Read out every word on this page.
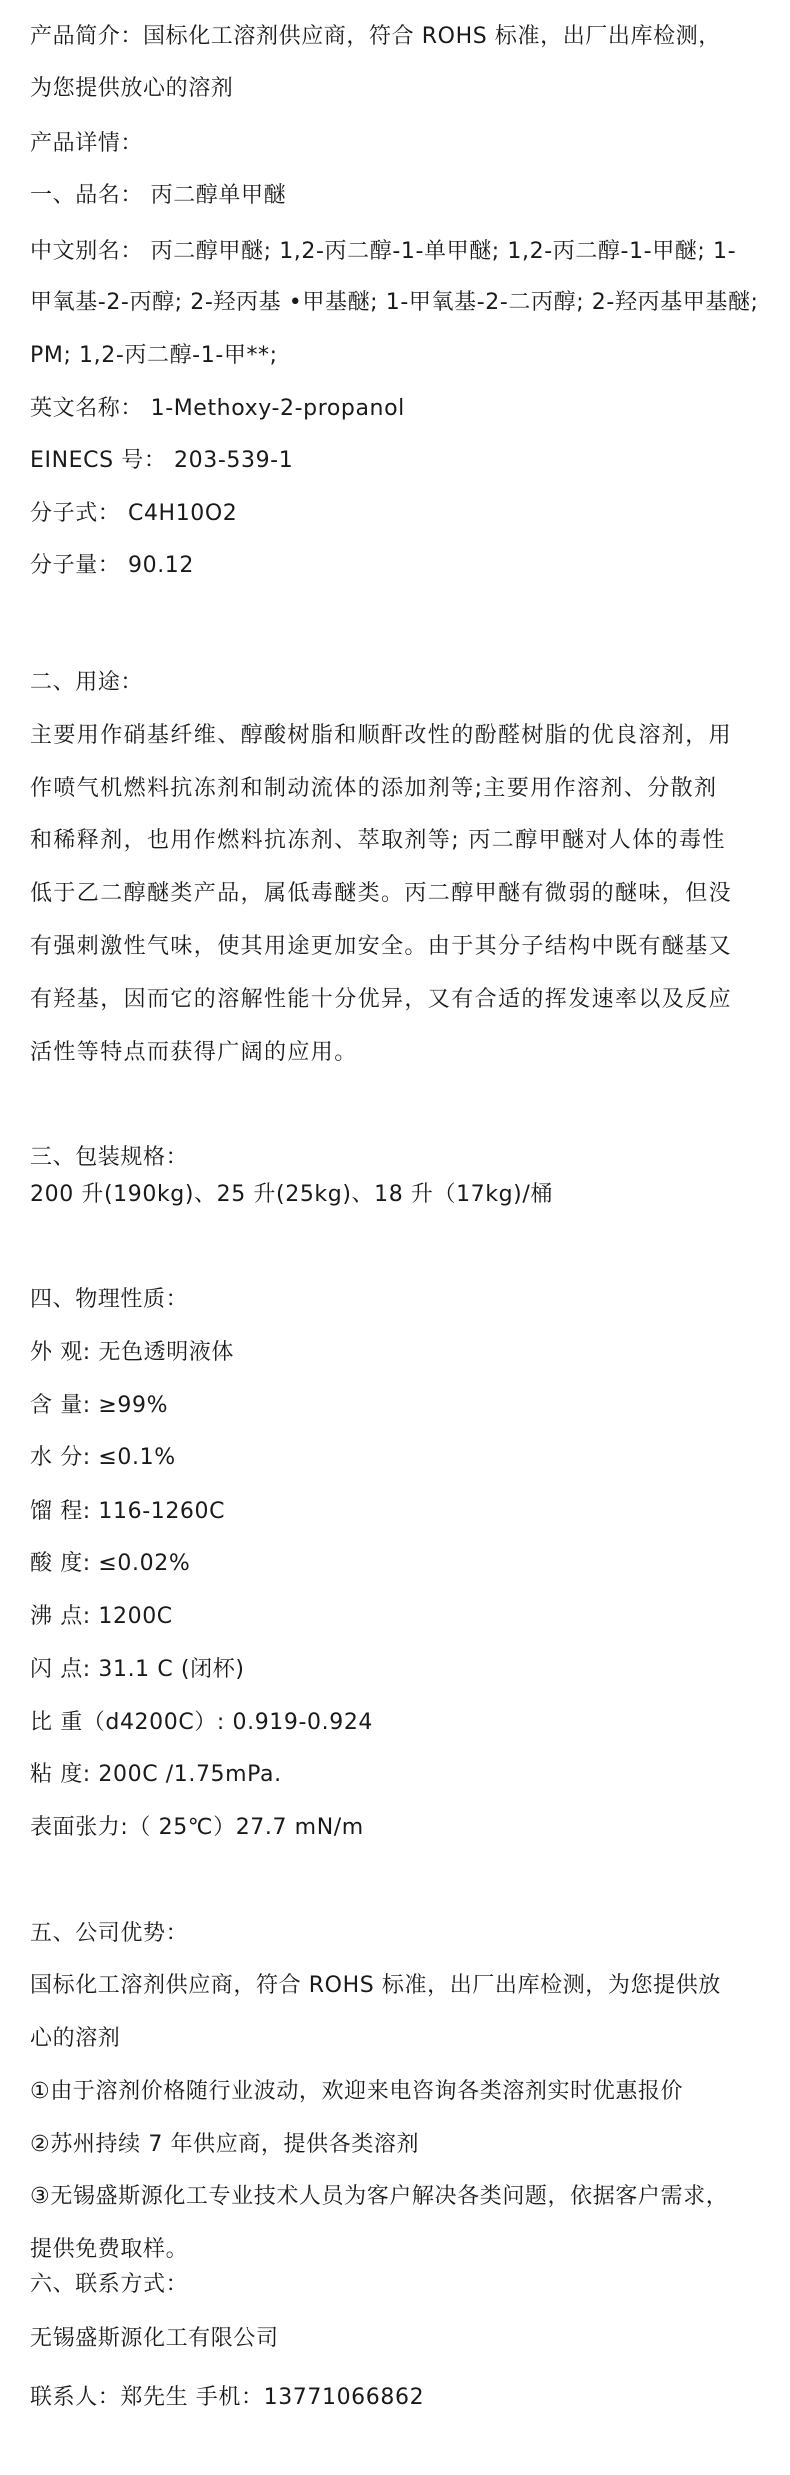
产品简介：国标化工溶剂供应商，符合 ROHS 标准，出厂出库检测，
为您提供放心的溶剂
产品详情：
一、品名： 丙二醇单甲醚
中文别名： 丙二醇甲醚; 1,2-丙二醇-1-单甲醚; 1,2-丙二醇-1-甲醚; 1-
甲氧基-2-丙醇; 2-羟丙基 •甲基醚; 1-甲氧基-2-二丙醇; 2-羟丙基甲基醚;
PM; 1,2-丙二醇-1-甲**;
英文名称： 1-Methoxy-2-propanol
EINECS 号： 203-539-1
分子式： C4H10O2
分子量： 90.12
二、用途：
主要用作硝基纤维、醇酸树脂和顺酐改性的酚醛树脂的优良溶剂，用
作喷气机燃料抗冻剂和制动流体的添加剂等;主要用作溶剂、分散剂
和稀释剂，也用作燃料抗冻剂、萃取剂等; 丙二醇甲醚对人体的毒性
低于乙二醇醚类产品，属低毒醚类。丙二醇甲醚有微弱的醚味，但没
有强刺激性气味，使其用途更加安全。由于其分子结构中既有醚基又
有羟基，因而它的溶解性能十分优异，又有合适的挥发速率以及反应
活性等特点而获得广阔的应用。
三、包装规格：
200 升(190kg)、25 升(25kg)、18 升（17kg)/桶
四、物理性质：
外 观: 无色透明液体
含 量: ≥99%
水 分: ≤0.1%
馏 程: 116-1260C
酸 度: ≤0.02%
沸 点: 1200C
闪 点: 31.1 C (闭杯)
比 重（d4200C）: 0.919-0.924
粘 度: 200C /1.75mPa.
表面张力:（ 25℃）27.7 mN/m
五、公司优势：
国标化工溶剂供应商，符合 ROHS 标准，出厂出库检测，为您提供放
心的溶剂
①由于溶剂价格随行业波动，欢迎来电咨询各类溶剂实时优惠报价
②苏州持续 7 年供应商，提供各类溶剂
③无锡盛斯源化工专业技术人员为客户解决各类问题，依据客户需求，
提供免费取样。
六、联系方式：
无锡盛斯源化工有限公司
联系人：郑先生 手机：13771066862
